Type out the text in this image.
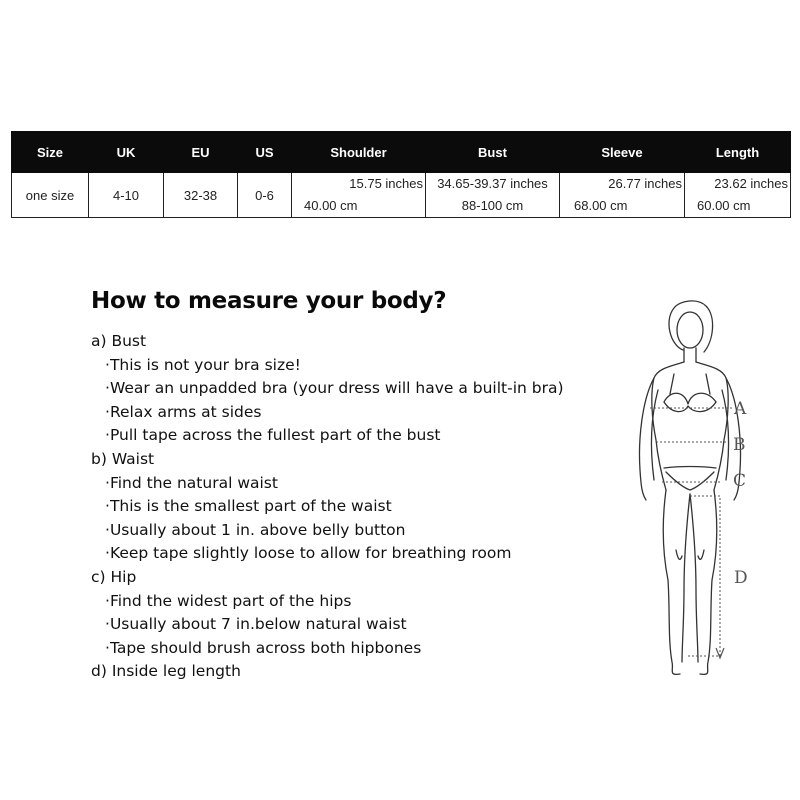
Size	UK	EU	US	Shoulder	Bust	Sleeve	Length
one size	4-10	32-38	0-6	15.75 inches	34.65-39.37 inches	26.77 inches	23.62 inches
				40.00 cm	88-100 cm	68.00 cm	60.00 cm
How to measure your body?
a) Bust
· This is not your bra size!
· Wear an unpadded bra (your dress will have a built-in bra)
· Relax arms at sides
· Pull tape across the fullest part of the bust
b) Waist
· Find the natural waist
· This is the smallest part of the waist
· Usually about 1 in. above belly button
· Keep tape slightly loose to allow for breathing room
c) Hip
· Find the widest part of the hips
· Usually about 7 in.below natural waist
· Tape should brush across both hipbones
d) Inside leg length
A
B
C
D
